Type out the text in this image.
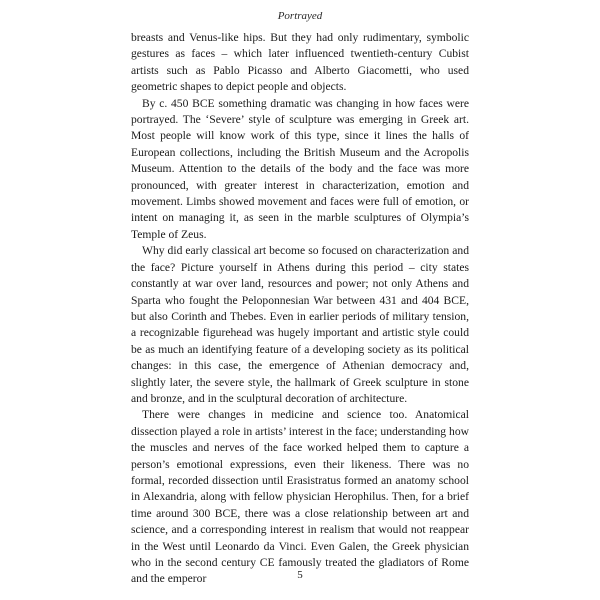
Portrayed

breasts and Venus-like hips. But they had only rudimentary, symbolic gestures as faces – which later influenced twentieth-century Cubist artists such as Pablo Picasso and Alberto Giacometti, who used geometric shapes to depict people and objects.

By c. 450 BCE something dramatic was changing in how faces were portrayed. The ‘Severe’ style of sculpture was emerging in Greek art. Most people will know work of this type, since it lines the halls of European collections, including the British Museum and the Acropolis Museum. Attention to the details of the body and the face was more pronounced, with greater interest in characterization, emotion and movement. Limbs showed movement and faces were full of emotion, or intent on managing it, as seen in the marble sculptures of Olympia’s Temple of Zeus.

Why did early classical art become so focused on characterization and the face? Picture yourself in Athens during this period – city states constantly at war over land, resources and power; not only Athens and Sparta who fought the Peloponnesian War between 431 and 404 BCE, but also Corinth and Thebes. Even in earlier periods of military tension, a recognizable figurehead was hugely important and artistic style could be as much an identifying feature of a developing society as its political changes: in this case, the emergence of Athenian democracy and, slightly later, the severe style, the hallmark of Greek sculpture in stone and bronze, and in the sculptural decoration of architecture.

There were changes in medicine and science too. Anatomical dissection played a role in artists’ interest in the face; understanding how the muscles and nerves of the face worked helped them to capture a person’s emotional expressions, even their likeness. There was no formal, recorded dissection until Erasistratus formed an anatomy school in Alexandria, along with fellow physician Herophilus. Then, for a brief time around 300 BCE, there was a close relationship between art and science, and a corresponding interest in realism that would not reappear in the West until Leonardo da Vinci. Even Galen, the Greek physician who in the second century CE famously treated the gladiators of Rome and the emperor	5
